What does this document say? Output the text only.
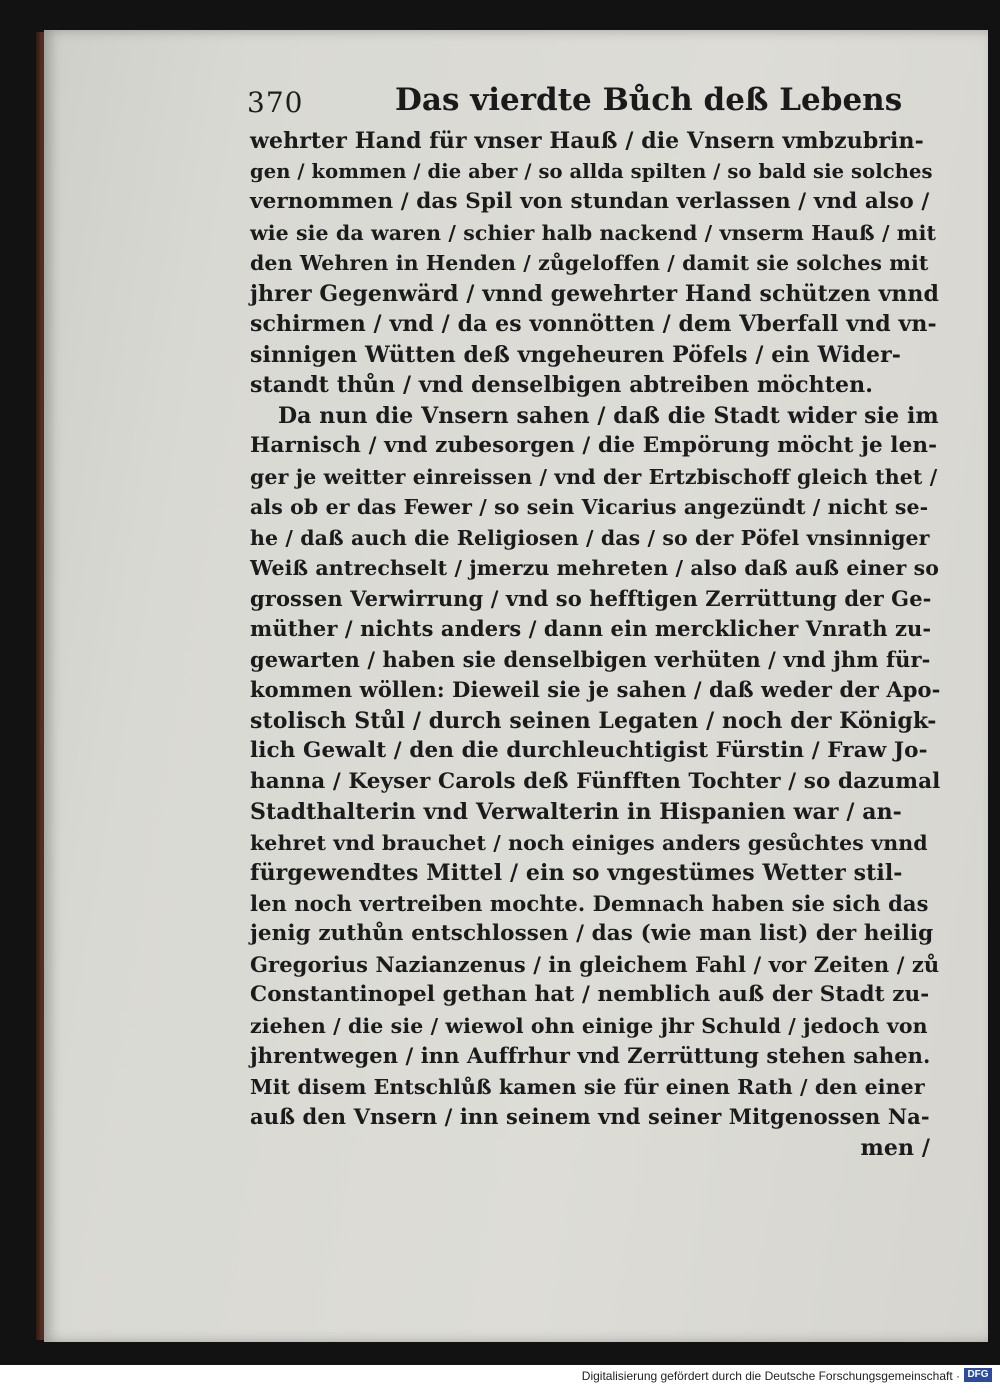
370	Das vierdte Bůch deß Lebens
wehrter Hand für vnser Hauß / die Vnsern vmbzubrin-
gen / kommen / die aber / so allda spilten / so bald sie solches
vernommen / das Spil von stundan verlassen / vnd also /
wie sie da waren / schier halb nackend / vnserm Hauß / mit
den Wehren in Henden / zůgeloffen / damit sie solches mit
jhrer Gegenwärd / vnnd gewehrter Hand schützen vnnd
schirmen / vnd / da es vonnötten / dem Vberfall vnd vn-
sinnigen Wütten deß vngeheuren Pöfels / ein Wider-
standt thůn / vnd denselbigen abtreiben möchten.
Da nun die Vnsern sahen / daß die Stadt wider sie im
Harnisch / vnd zubesorgen / die Empörung möcht je len-
ger je weitter einreissen / vnd der Ertzbischoff gleich thet /
als ob er das Fewer / so sein Vicarius angezündt / nicht se-
he / daß auch die Religiosen / das / so der Pöfel vnsinniger
Weiß antrechselt / jmerzu mehreten / also daß auß einer so
grossen Verwirrung / vnd so hefftigen Zerrüttung der Ge-
müther / nichts anders / dann ein mercklicher Vnrath zu-
gewarten / haben sie denselbigen verhüten / vnd jhm für-
kommen wöllen: Dieweil sie je sahen / daß weder der Apo-
stolisch Stůl / durch seinen Legaten / noch der Königk-
lich Gewalt / den die durchleuchtigist Fürstin / Fraw Jo-
hanna / Keyser Carols deß Fünfften Tochter / so dazumal
Stadthalterin vnd Verwalterin in Hispanien war / an-
kehret vnd brauchet / noch einiges anders gesůchtes vnnd
fürgewendtes Mittel / ein so vngestümes Wetter stil-
len noch vertreiben mochte. Demnach haben sie sich das
jenig zuthůn entschlossen / das (wie man list) der heilig
Gregorius Nazianzenus / in gleichem Fahl / vor Zeiten / zů
Constantinopel gethan hat / nemblich auß der Stadt zu-
ziehen / die sie / wiewol ohn einige jhr Schuld / jedoch von
jhrentwegen / inn Auffrhur vnd Zerrüttung stehen sahen.
Mit disem Entschlůß kamen sie für einen Rath / den einer
auß den Vnsern / inn seinem vnd seiner Mitgenossen Na-
men /
Digitalisierung gefördert durch die Deutsche Forschungsgemeinschaft · DFG
